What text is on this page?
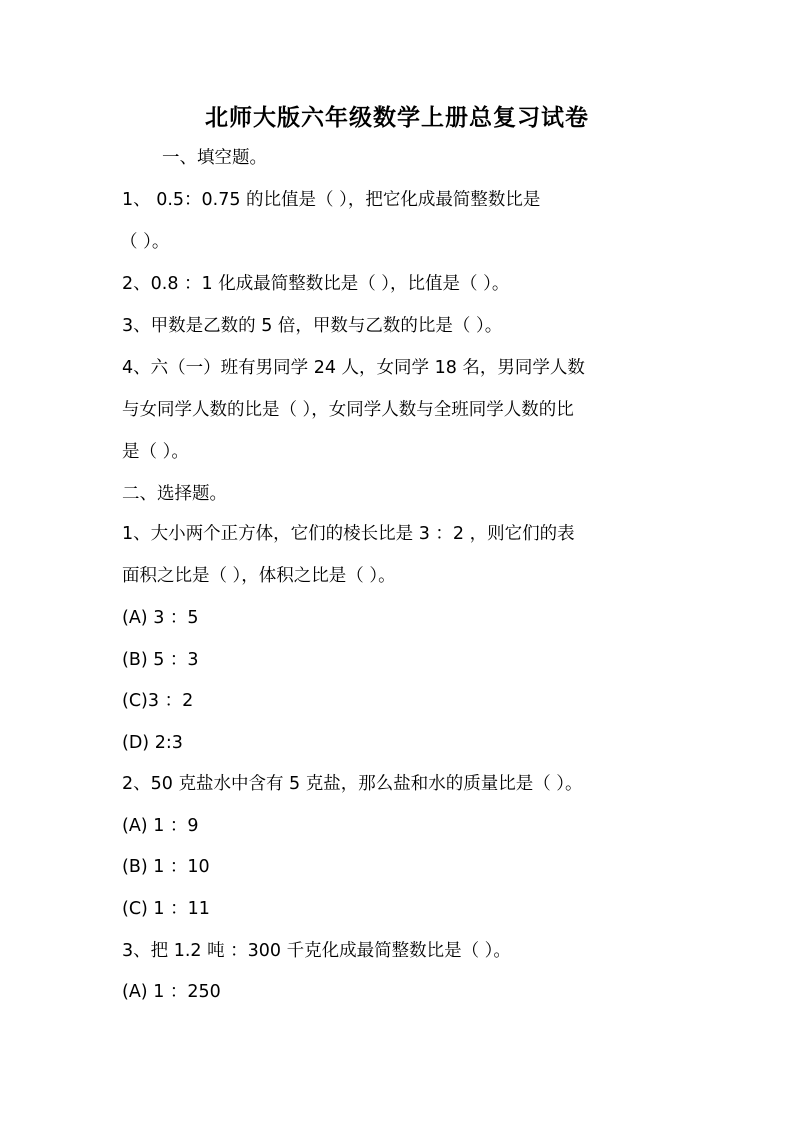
北师大版六年级数学上册总复习试卷

一、填空题。

1、 0.5：0.75 的比值是（ ），把它化成最简整数比是

（ ）。

2、0.8 ：1 化成最简整数比是（ ），比值是（ ）。

3、甲数是乙数的 5 倍，甲数与乙数的比是（ ）。

4、六（一）班有男同学 24 人，女同学 18 名，男同学人数

与女同学人数的比是（ ），女同学人数与全班同学人数的比

是（ ）。

二、选择题。

1、大小两个正方体，它们的棱长比是 3 ：2 ，则它们的表

面积之比是（ ），体积之比是（ ）。

(A) 3 ：5

(B) 5 ：3

(C)3 ：2

(D) 2:3

2、50 克盐水中含有 5 克盐，那么盐和水的质量比是（ ）。

(A) 1 ：9

(B) 1 ：10

(C) 1 ：11

3、把 1.2 吨 ：300 千克化成最简整数比是（ ）。

(A) 1 ：250
